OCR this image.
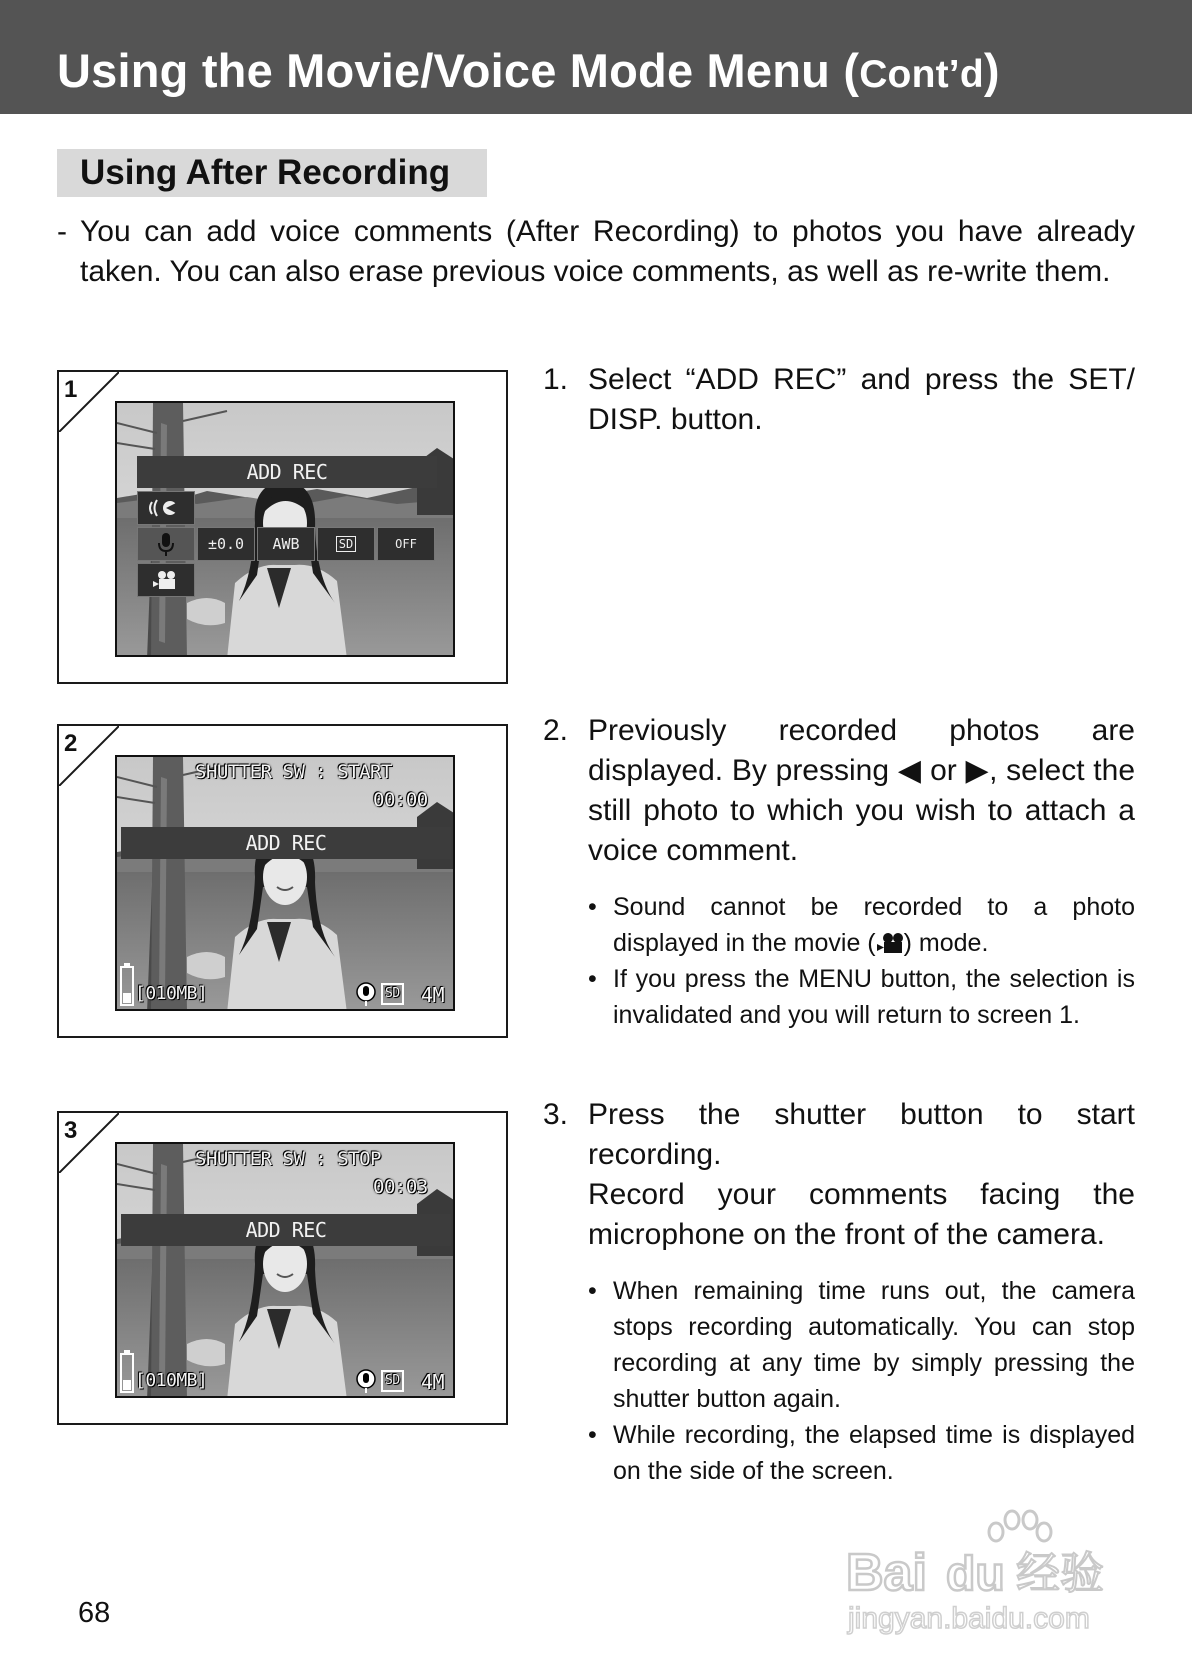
Using the Movie/Voice Mode Menu (Cont’d)
Using After Recording
- You can add voice comments (After Recording) to photos you have already taken. You can also erase previous voice comments, as well as re-write them.
1
ADD REC
±0.0	AWB	SD	OFF
2
SHUTTER SW : START
00:00
ADD REC
[010MB]	SD 4M
3
SHUTTER SW : STOP
00:03
ADD REC
[010MB]	SD 4M
1. Select “ADD REC” and press the SET/ DISP. button.
2. Previously recorded photos are displayed. By pressing ◀ or ▶, select the still photo to which you wish to attach a voice comment.
• Sound cannot be recorded to a photo displayed in the movie ( ) mode.
• If you press the MENU button, the selection is invalidated and you will return to screen 1.
3. Press the shutter button to start recording.
Record your comments facing the microphone on the front of the camera.
• When remaining time runs out, the camera stops recording automatically. You can stop recording at any time by simply pressing the shutter button again.
• While recording, the elapsed time is displayed on the side of the screen.
68
Bai du 经验
jingyan.baidu.com
